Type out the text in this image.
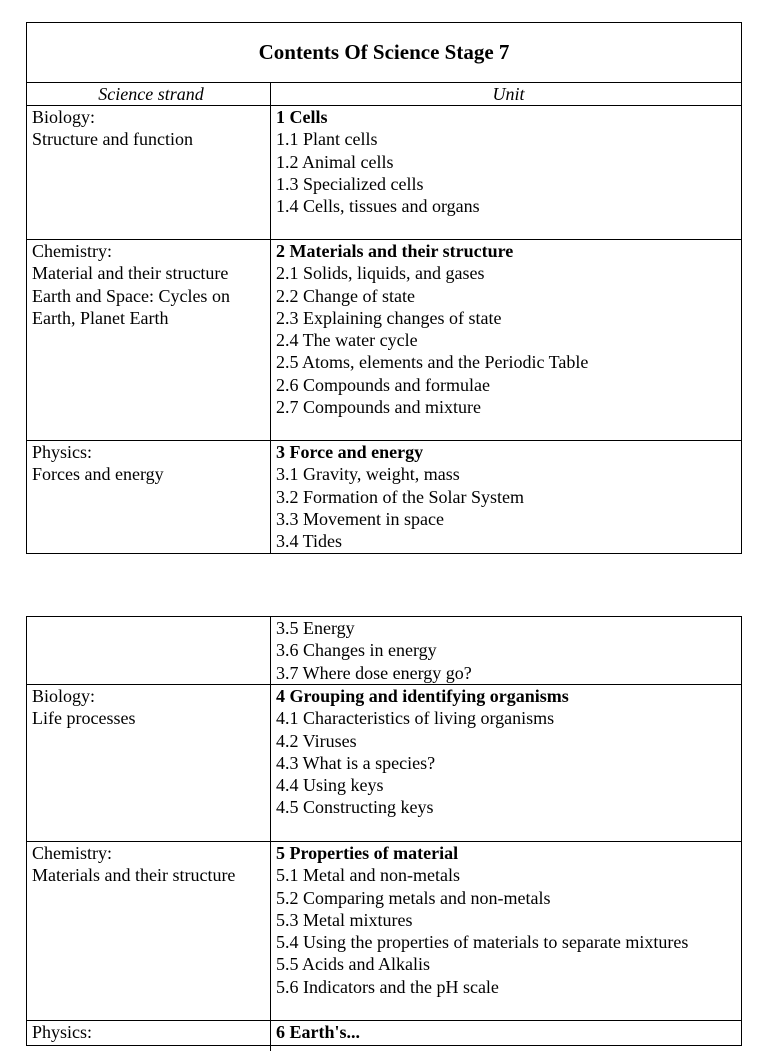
Contents Of Science Stage 7
Science strand	Unit
Biology:
Structure and function
1 Cells
1.1 Plant cells
1.2 Animal cells
1.3 Specialized cells
1.4 Cells, tissues and organs
Chemistry:
Material and their structure
Earth and Space: Cycles on
Earth, Planet Earth
2 Materials and their structure
2.1 Solids, liquids, and gases
2.2 Change of state
2.3 Explaining changes of state
2.4 The water cycle
2.5 Atoms, elements and the Periodic Table
2.6 Compounds and formulae
2.7 Compounds and mixture
Physics:
Forces and energy
3 Force and energy
3.1 Gravity, weight, mass
3.2 Formation of the Solar System
3.3 Movement in space
3.4 Tides
3.5 Energy
3.6 Changes in energy
3.7 Where dose energy go?
Biology:
Life processes
4 Grouping and identifying organisms
4.1 Characteristics of living organisms
4.2 Viruses
4.3 What is a species?
4.4 Using keys
4.5 Constructing keys
Chemistry:
Materials and their structure
5 Properties of material
5.1 Metal and non-metals
5.2 Comparing metals and non-metals
5.3 Metal mixtures
5.4 Using the properties of materials to separate mixtures
5.5 Acids and Alkalis
5.6 Indicators and the pH scale
Physics:	6 Earth's...
